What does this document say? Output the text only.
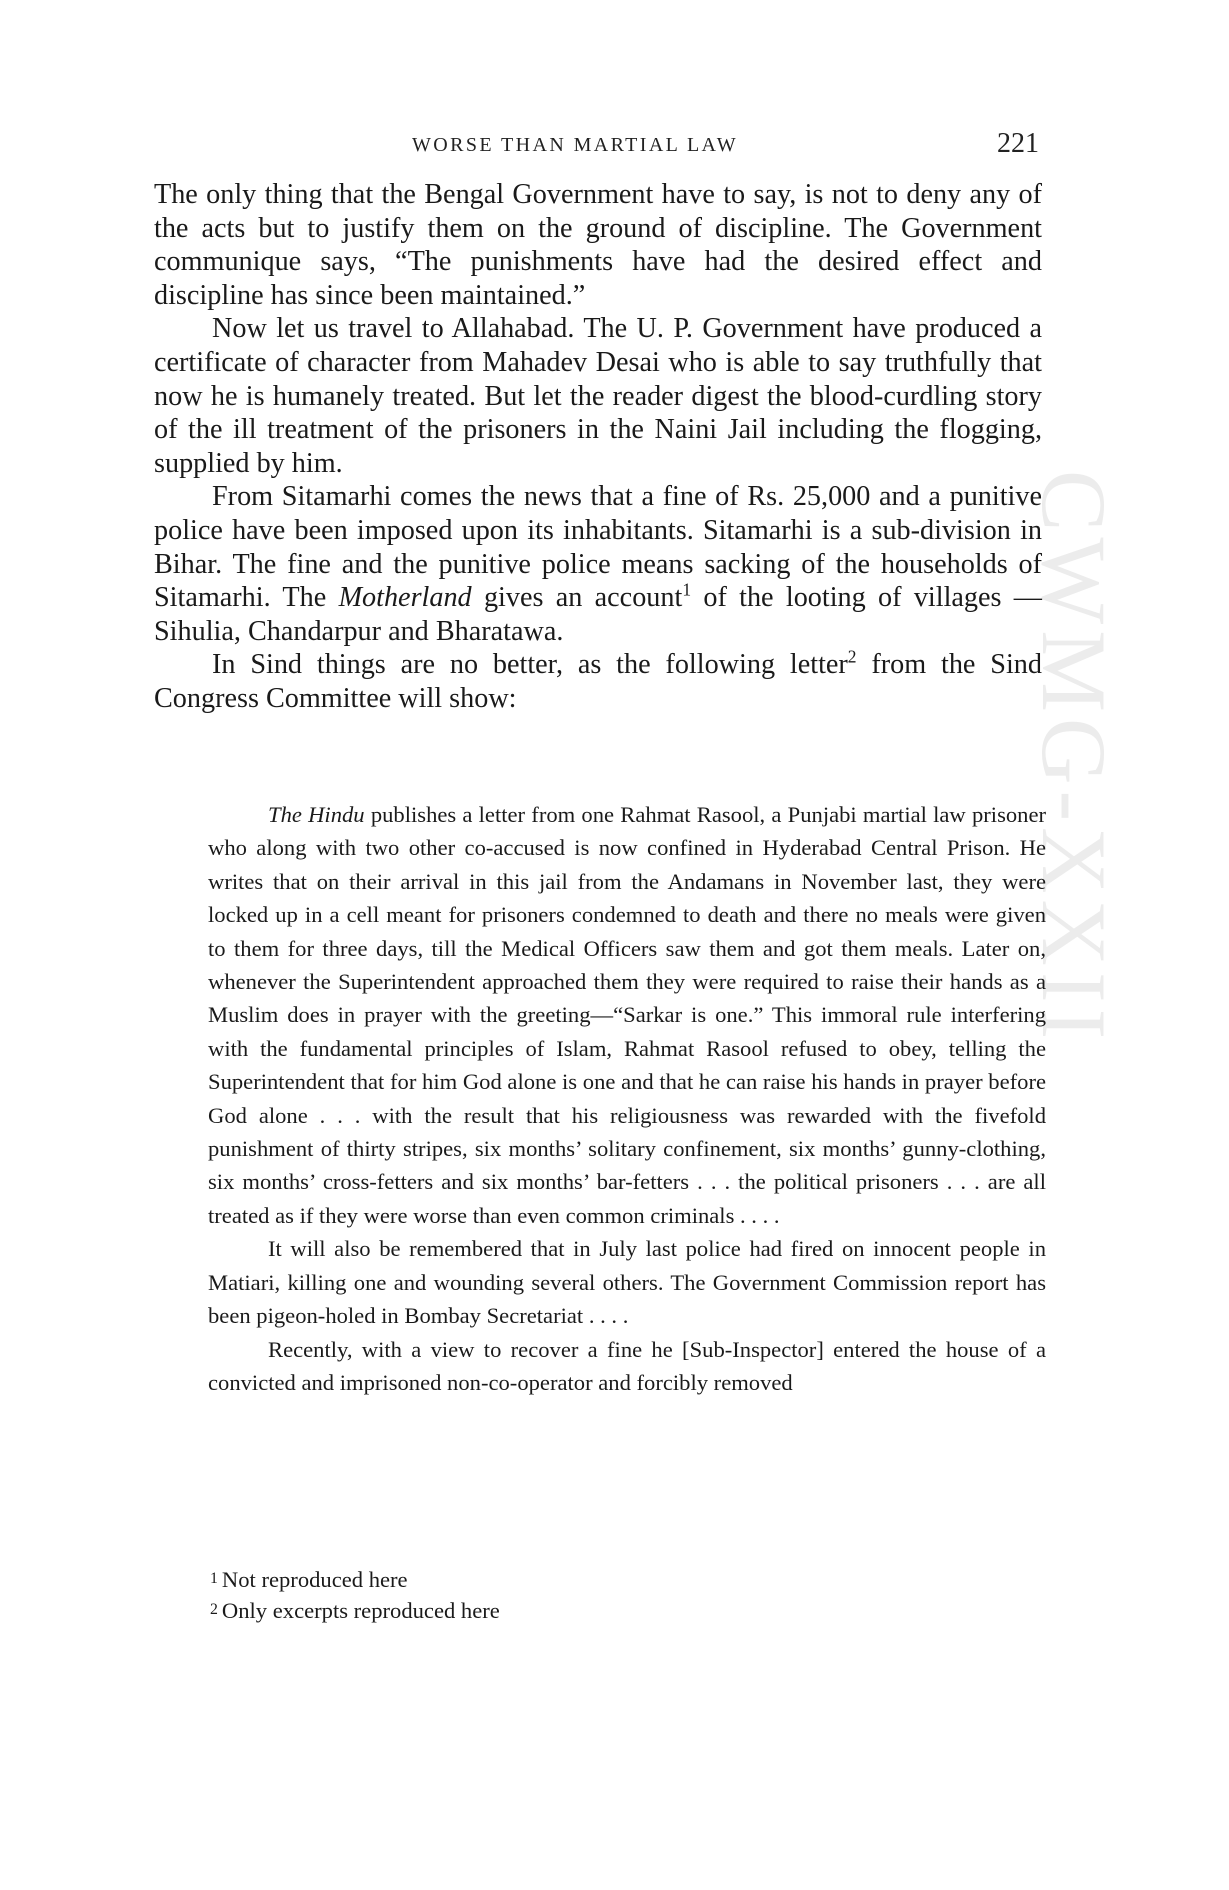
WORSE THAN MARTIAL LAW	221
CWMG-XXII

The only thing that the Bengal Government have to say, is not to deny any of the acts but to justify them on the ground of discipline. The Government communique says, “The punishments have had the desired effect and discipline has since been maintained.”

Now let us travel to Allahabad. The U. P. Government have produced a certificate of character from Mahadev Desai who is able to say truthfully that now he is humanely treated. But let the reader digest the blood-curdling story of the ill treatment of the prisoners in the Naini Jail including the flogging, supplied by him.

From Sitamarhi comes the news that a fine of Rs. 25,000 and a punitive police have been imposed upon its inhabitants. Sitamarhi is a sub-division in Bihar. The fine and the punitive police means sacking of the households of Sitamarhi. The Motherland gives an account$^1$ of the looting of villages —Sihulia, Chandarpur and Bharatawa.

In Sind things are no better, as the following letter$^2$ from the Sind Congress Committee will show:

The Hindu publishes a letter from one Rahmat Rasool, a Punjabi martial law prisoner who along with two other co-accused is now confined in Hyderabad Central Prison. He writes that on their arrival in this jail from the Andamans in November last, they were locked up in a cell meant for prisoners condemned to death and there no meals were given to them for three days, till the Medical Officers saw them and got them meals. Later on, whenever the Superintendent approached them they were required to raise their hands as a Muslim does in prayer with the greeting—“Sarkar is one.” This immoral rule interfering with the fundamental principles of Islam, Rahmat Rasool refused to obey, telling the Superintendent that for him God alone is one and that he can raise his hands in prayer before God alone . . . with the result that his religiousness was rewarded with the fivefold punishment of thirty stripes, six months’ solitary confinement, six months’ gunny-clothing, six months’ cross-fetters and six months’ bar-fetters . . . the political prisoners . . . are all treated as if they were worse than even common criminals . . . .

It will also be remembered that in July last police had fired on innocent people in Matiari, killing one and wounding several others. The Government Commission report has been pigeon-holed in Bombay Secretariat . . . .

Recently, with a view to recover a fine he [Sub-Inspector] entered the house of a convicted and imprisoned non-co-operator and forcibly removed

1 Not reproduced here

2 Only excerpts reproduced here
